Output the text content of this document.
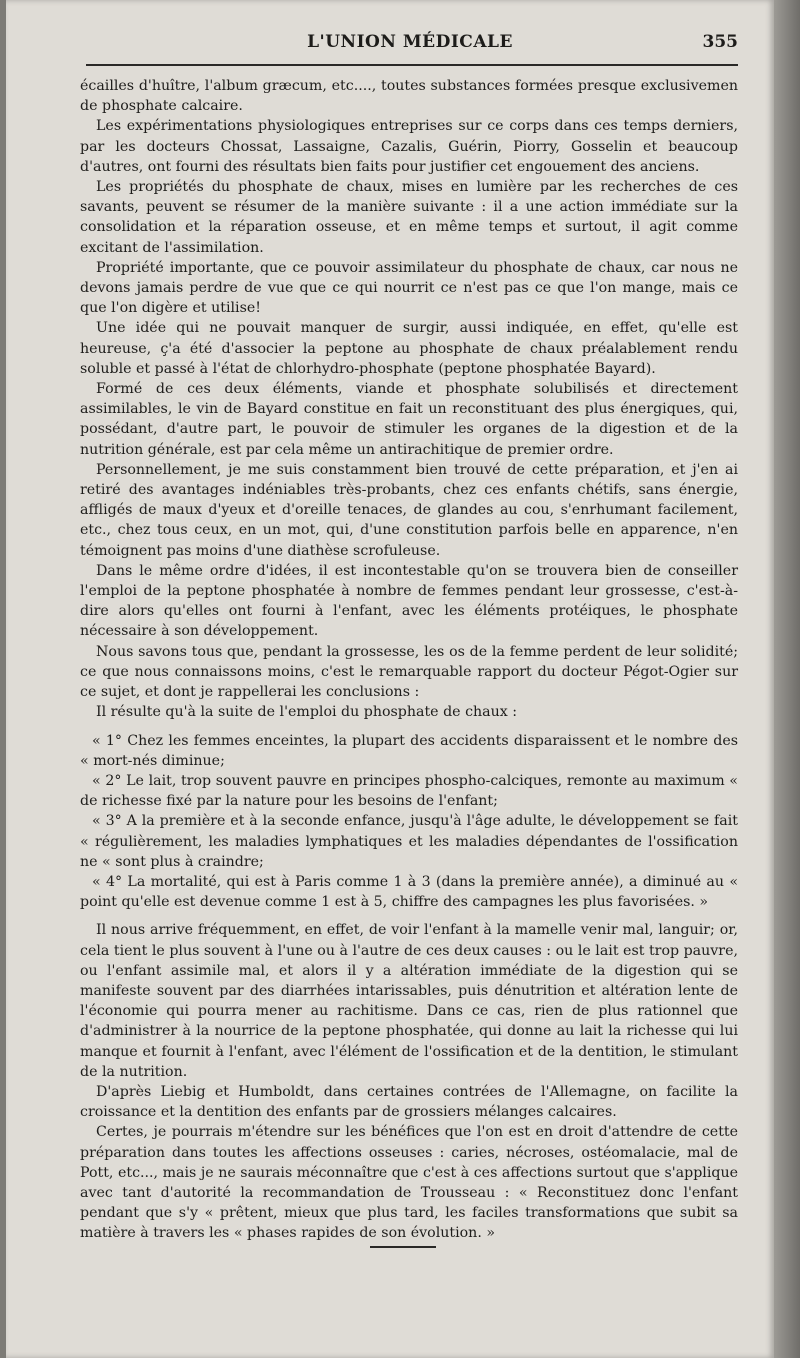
L'UNION MÉDICALE	355

écailles d'huître, l'album græcum, etc...., toutes substances formées presque exclusivemen de phosphate calcaire.

Les expérimentations physiologiques entreprises sur ce corps dans ces temps derniers, par les docteurs Chossat, Lassaigne, Cazalis, Guérin, Piorry, Gosselin et beaucoup d'autres, ont fourni des résultats bien faits pour justifier cet engouement des anciens.

Les propriétés du phosphate de chaux, mises en lumière par les recherches de ces savants, peuvent se résumer de la manière suivante : il a une action immédiate sur la consolidation et la réparation osseuse, et en même temps et surtout, il agit comme excitant de l'assimilation.

Propriété importante, que ce pouvoir assimilateur du phosphate de chaux, car nous ne devons jamais perdre de vue que ce qui nourrit ce n'est pas ce que l'on mange, mais ce que l'on digère et utilise!

Une idée qui ne pouvait manquer de surgir, aussi indiquée, en effet, qu'elle est heureuse, ç'a été d'associer la peptone au phosphate de chaux préalablement rendu soluble et passé à l'état de chlorhydro-phosphate (peptone phosphatée Bayard).

Formé de ces deux éléments, viande et phosphate solubilisés et directement assimilables, le vin de Bayard constitue en fait un reconstituant des plus énergiques, qui, possédant, d'autre part, le pouvoir de stimuler les organes de la digestion et de la nutrition générale, est par cela même un antirachitique de premier ordre.

Personnellement, je me suis constamment bien trouvé de cette préparation, et j'en ai retiré des avantages indéniables très-probants, chez ces enfants chétifs, sans énergie, affligés de maux d'yeux et d'oreille tenaces, de glandes au cou, s'enrhumant facilement, etc., chez tous ceux, en un mot, qui, d'une constitution parfois belle en apparence, n'en témoignent pas moins d'une diathèse scrofuleuse.

Dans le même ordre d'idées, il est incontestable qu'on se trouvera bien de conseiller l'emploi de la peptone phosphatée à nombre de femmes pendant leur grossesse, c'est-à-dire alors qu'elles ont fourni à l'enfant, avec les éléments protéiques, le phosphate nécessaire à son développement.

Nous savons tous que, pendant la grossesse, les os de la femme perdent de leur solidité; ce que nous connaissons moins, c'est le remarquable rapport du docteur Pégot-Ogier sur ce sujet, et dont je rappellerai les conclusions :

Il résulte qu'à la suite de l'emploi du phosphate de chaux :

« 1° Chez les femmes enceintes, la plupart des accidents disparaissent et le nombre des « mort-nés diminue;

« 2° Le lait, trop souvent pauvre en principes phospho-calciques, remonte au maximum « de richesse fixé par la nature pour les besoins de l'enfant;

« 3° A la première et à la seconde enfance, jusqu'à l'âge adulte, le développement se fait « régulièrement, les maladies lymphatiques et les maladies dépendantes de l'ossification ne « sont plus à craindre;

« 4° La mortalité, qui est à Paris comme 1 à 3 (dans la première année), a diminué au « point qu'elle est devenue comme 1 est à 5, chiffre des campagnes les plus favorisées. »

Il nous arrive fréquemment, en effet, de voir l'enfant à la mamelle venir mal, languir; or, cela tient le plus souvent à l'une ou à l'autre de ces deux causes : ou le lait est trop pauvre, ou l'enfant assimile mal, et alors il y a altération immédiate de la digestion qui se manifeste souvent par des diarrhées intarissables, puis dénutrition et altération lente de l'économie qui pourra mener au rachitisme. Dans ce cas, rien de plus rationnel que d'administrer à la nourrice de la peptone phosphatée, qui donne au lait la richesse qui lui manque et fournit à l'enfant, avec l'élément de l'ossification et de la dentition, le stimulant de la nutrition.

D'après Liebig et Humboldt, dans certaines contrées de l'Allemagne, on facilite la croissance et la dentition des enfants par de grossiers mélanges calcaires.

Certes, je pourrais m'étendre sur les bénéfices que l'on est en droit d'attendre de cette préparation dans toutes les affections osseuses : caries, nécroses, ostéomalacie, mal de Pott, etc..., mais je ne saurais méconnaître que c'est à ces affections surtout que s'applique avec tant d'autorité la recommandation de Trousseau : « Reconstituez donc l'enfant pendant que s'y « prêtent, mieux que plus tard, les faciles transformations que subit sa matière à travers les « phases rapides de son évolution. »
